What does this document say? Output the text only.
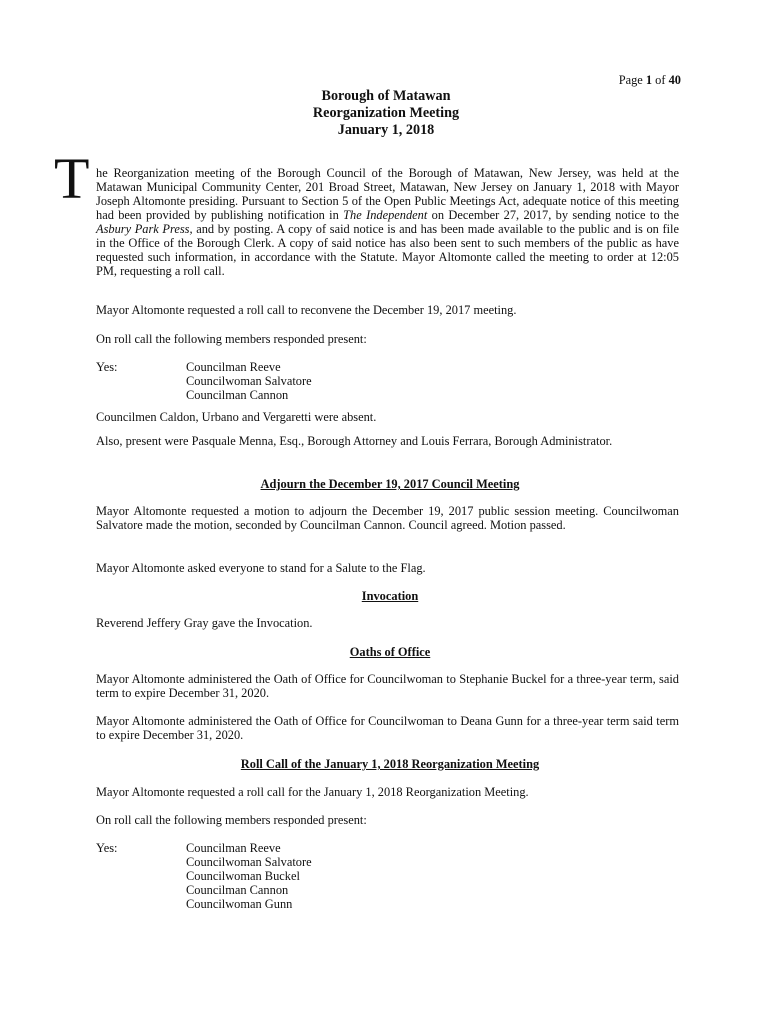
Page 1 of 40
Borough of Matawan
Reorganization Meeting
January 1, 2018
T he Reorganization meeting of the Borough Council of the Borough of Matawan, New Jersey, was held at the Matawan Municipal Community Center, 201 Broad Street, Matawan, New Jersey on January 1, 2018 with Mayor Joseph Altomonte presiding. Pursuant to Section 5 of the Open Public Meetings Act, adequate notice of this meeting had been provided by publishing notification in The Independent on December 27, 2017, by sending notice to the Asbury Park Press, and by posting. A copy of said notice is and has been made available to the public and is on file in the Office of the Borough Clerk. A copy of said notice has also been sent to such members of the public as have requested such information, in accordance with the Statute. Mayor Altomonte called the meeting to order at 12:05 PM, requesting a roll call.
Mayor Altomonte requested a roll call to reconvene the December 19, 2017 meeting.
On roll call the following members responded present:
Yes:	Councilman Reeve
Councilwoman Salvatore
Councilman Cannon
Councilmen Caldon, Urbano and Vergaretti were absent.
Also, present were Pasquale Menna, Esq., Borough Attorney and Louis Ferrara, Borough Administrator.
Adjourn the December 19, 2017 Council Meeting
Mayor Altomonte requested a motion to adjourn the December 19, 2017 public session meeting. Councilwoman Salvatore made the motion, seconded by Councilman Cannon. Council agreed. Motion passed.
Mayor Altomonte asked everyone to stand for a Salute to the Flag.
Invocation
Reverend Jeffery Gray gave the Invocation.
Oaths of Office
Mayor Altomonte administered the Oath of Office for Councilwoman to Stephanie Buckel for a three-year term, said term to expire December 31, 2020.
Mayor Altomonte administered the Oath of Office for Councilwoman to Deana Gunn for a three-year term said term to expire December 31, 2020.
Roll Call of the January 1, 2018 Reorganization Meeting
Mayor Altomonte requested a roll call for the January 1, 2018 Reorganization Meeting.
On roll call the following members responded present:
Yes:	Councilman Reeve
Councilwoman Salvatore
Councilwoman Buckel
Councilman Cannon
Councilwoman Gunn
